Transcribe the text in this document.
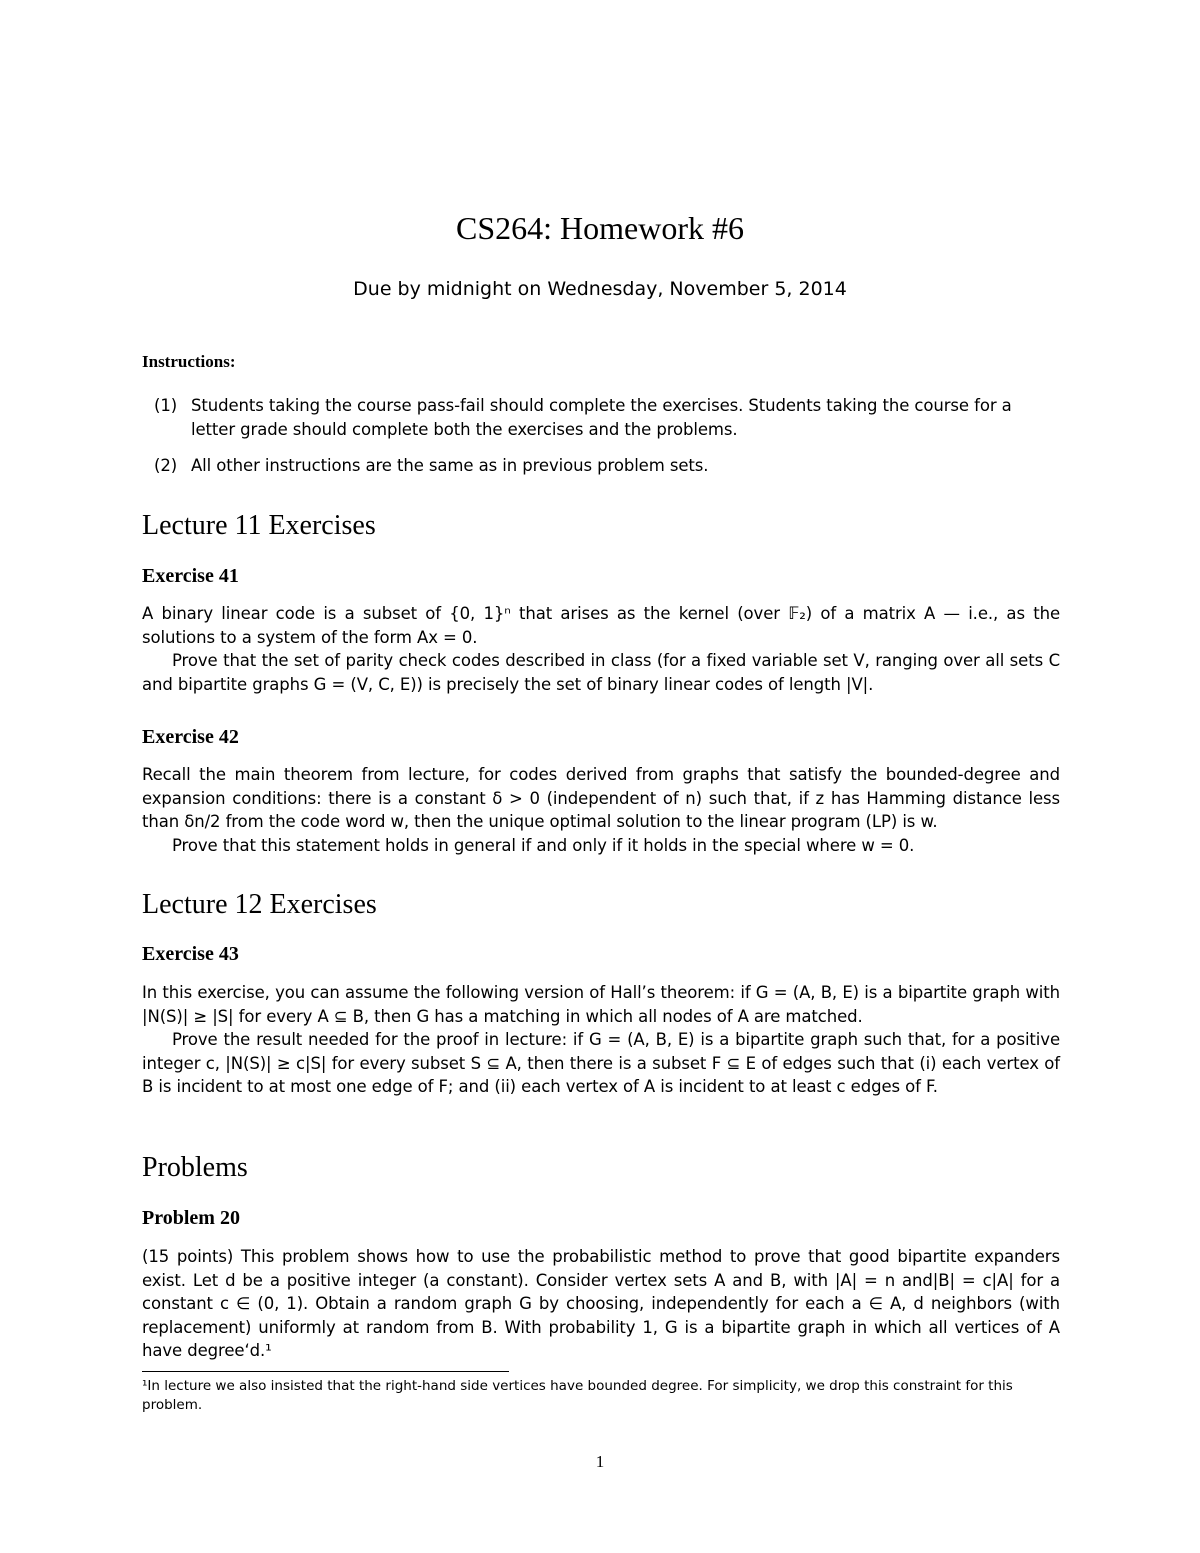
CS264: Homework #6
Due by midnight on Wednesday, November 5, 2014
Instructions:
(1) Students taking the course pass-fail should complete the exercises. Students taking the course for a letter grade should complete both the exercises and the problems.
(2) All other instructions are the same as in previous problem sets.
Lecture 11 Exercises
Exercise 41

A binary linear code is a subset of {0, 1}ⁿ that arises as the kernel (over 𝔽₂) of a matrix A — i.e., as the solutions to a system of the form Ax = 0.

Prove that the set of parity check codes described in class (for a fixed variable set V, ranging over all sets C and bipartite graphs G = (V, C, E)) is precisely the set of binary linear codes of length |V|.

Exercise 42

Recall the main theorem from lecture, for codes derived from graphs that satisfy the bounded-degree and expansion conditions: there is a constant δ > 0 (independent of n) such that, if z has Hamming distance less than δn/2 from the code word w, then the unique optimal solution to the linear program (LP) is w.

Prove that this statement holds in general if and only if it holds in the special where w = 0.

Lecture 12 Exercises
Exercise 43

In this exercise, you can assume the following version of Hall’s theorem: if G = (A, B, E) is a bipartite graph with |N(S)| ≥ |S| for every A ⊆ B, then G has a matching in which all nodes of A are matched.

Prove the result needed for the proof in lecture: if G = (A, B, E) is a bipartite graph such that, for a positive integer c, |N(S)| ≥ c|S| for every subset S ⊆ A, then there is a subset F ⊆ E of edges such that (i) each vertex of B is incident to at most one edge of F; and (ii) each vertex of A is incident to at least c edges of F.

Problems
Problem 20

(15 points) This problem shows how to use the probabilistic method to prove that good bipartite expanders exist. Let d be a positive integer (a constant). Consider vertex sets A and B, with |A| = n and|B| = c|A| for a constant c ∈ (0, 1). Obtain a random graph G by choosing, independently for each a ∈ A, d neighbors (with replacement) uniformly at random from B. With probability 1, G is a bipartite graph in which all vertices of A have degree‘d.¹

¹In lecture we also insisted that the right-hand side vertices have bounded degree. For simplicity, we drop this constraint for this problem.
1
